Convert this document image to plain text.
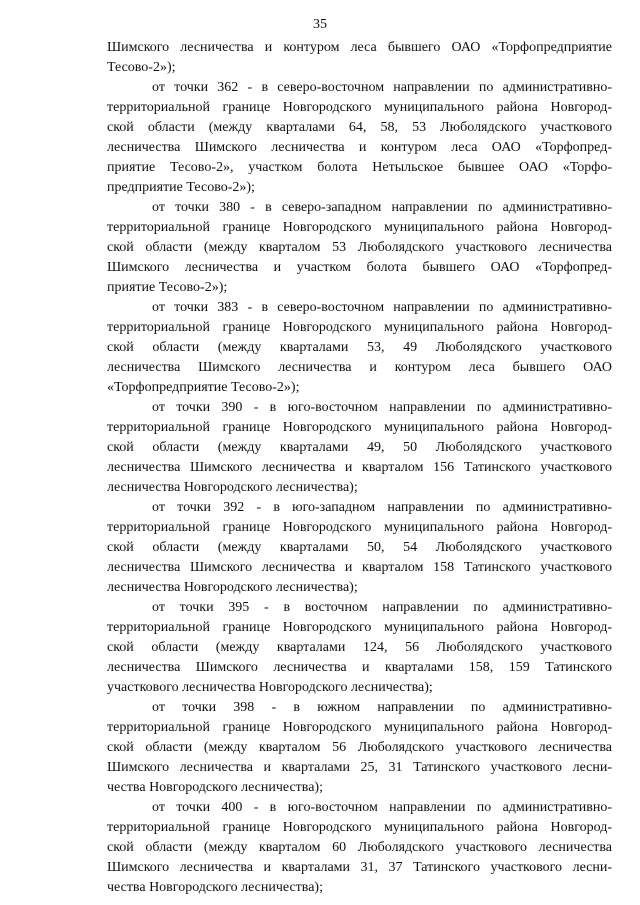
35
Шимского лесничества и контуром леса бывшего ОАО «Торфопредприятие
Тесово-2»);
от точки 362 - в северо-восточном направлении по административно-
территориальной границе Новгородского муниципального района Новгород-
ской области (между кварталами 64, 58, 53 Люболядского участкового
лесничества Шимского лесничества и контуром леса ОАО «Торфопред-
приятие Тесово-2», участком болота Нетыльское бывшее ОАО «Торфо-
предприятие Тесово-2»);
от точки 380 - в северо-западном направлении по административно-
территориальной границе Новгородского муниципального района Новгород-
ской области (между кварталом 53 Люболядского участкового лесничества
Шимского лесничества и участком болота бывшего ОАО «Торфопред-
приятие Тесово-2»);
от точки 383 - в северо-восточном направлении по административно-
территориальной границе Новгородского муниципального района Новгород-
ской области (между кварталами 53, 49 Люболядского участкового
лесничества Шимского лесничества и контуром леса бывшего ОАО
«Торфопредприятие Тесово-2»);
от точки 390 - в юго-восточном направлении по административно-
территориальной границе Новгородского муниципального района Новгород-
ской области (между кварталами 49, 50 Люболядского участкового
лесничества Шимского лесничества и кварталом 156 Татинского участкового
лесничества Новгородского лесничества);
от точки 392 - в юго-западном направлении по административно-
территориальной границе Новгородского муниципального района Новгород-
ской области (между кварталами 50, 54 Люболядского участкового
лесничества Шимского лесничества и кварталом 158 Татинского участкового
лесничества Новгородского лесничества);
от точки 395 - в восточном направлении по административно-
территориальной границе Новгородского муниципального района Новгород-
ской области (между кварталами 124, 56 Люболядского участкового
лесничества Шимского лесничества и кварталами 158, 159 Татинского
участкового лесничества Новгородского лесничества);
от точки 398 - в южном направлении по административно-
территориальной границе Новгородского муниципального района Новгород-
ской области (между кварталом 56 Люболядского участкового лесничества
Шимского лесничества и кварталами 25, 31 Татинского участкового лесни-
чества Новгородского лесничества);
от точки 400 - в юго-восточном направлении по административно-
территориальной границе Новгородского муниципального района Новгород-
ской области (между кварталом 60 Люболядского участкового лесничества
Шимского лесничества и кварталами 31, 37 Татинского участкового лесни-
чества Новгородского лесничества);
